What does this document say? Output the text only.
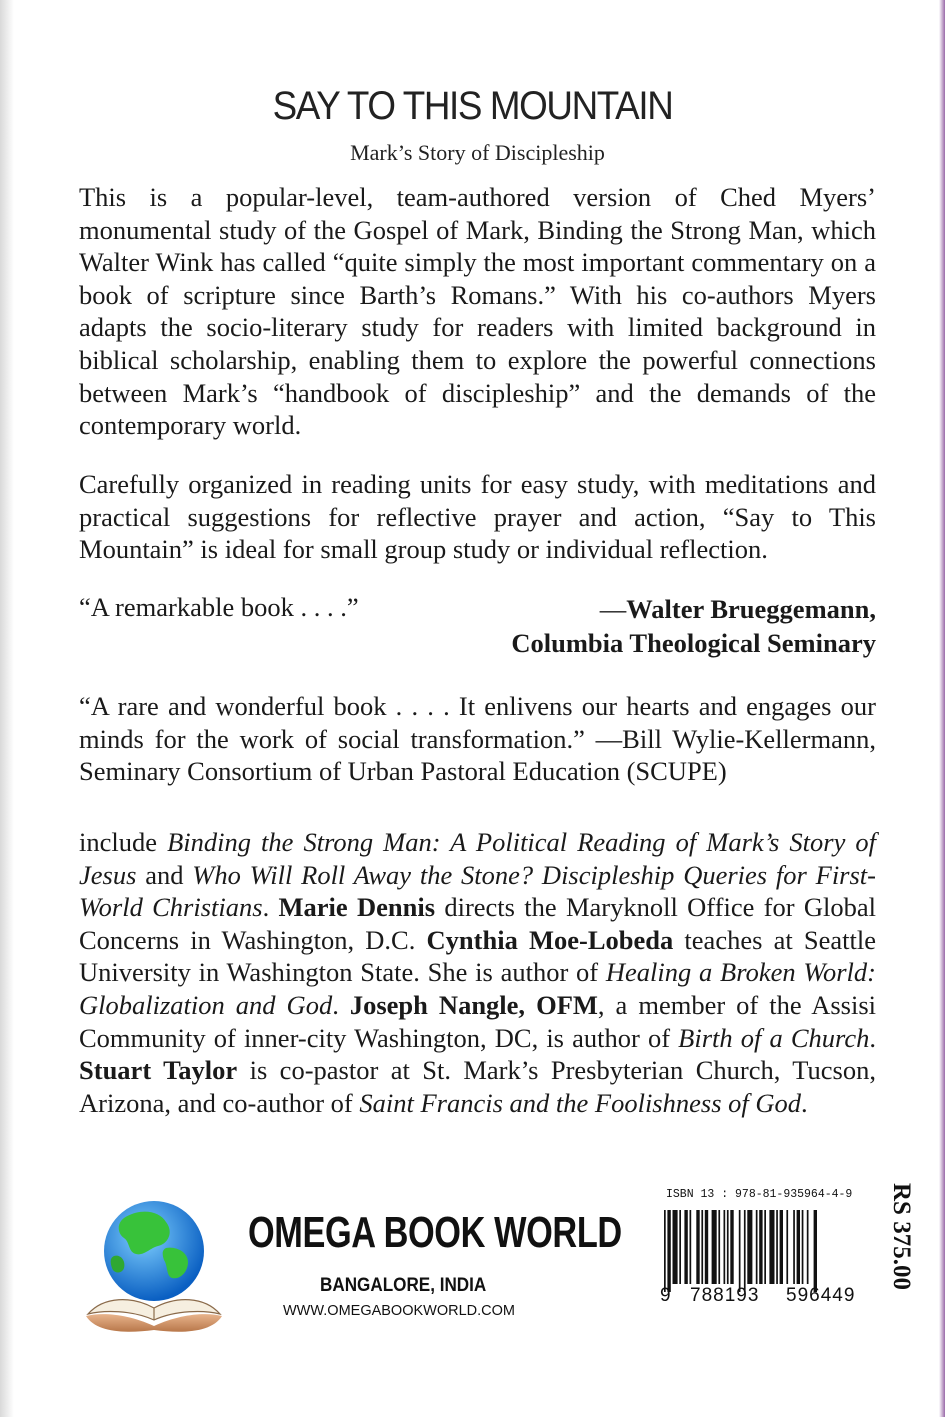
SAY TO THIS MOUNTAIN
Mark’s Story of Discipleship
This is a popular-level, team-authored version of Ched Myers’ monumental study of the Gospel of Mark, Binding the Strong Man, which Walter Wink has called “quite simply the most important commentary on a book of scripture since Barth’s Romans.” With his co-authors Myers adapts the socio-literary study for readers with limited background in biblical scholarship, enabling them to explore the powerful connections between Mark’s “handbook of discipleship” and the demands of the contemporary world.
Carefully organized in reading units for easy study, with meditations and practical suggestions for reflective prayer and action, “Say to This Mountain” is ideal for small group study or individual reflection.
“A remarkable book . . . .”	—Walter Brueggemann,
Columbia Theological Seminary
“A rare and wonderful book . . . . It enlivens our hearts and engages our minds for the work of social transformation.” —Bill Wylie-Kellermann, Seminary Consortium of Urban Pastoral Education (SCUPE)
include Binding the Strong Man: A Political Reading of Mark’s Story of Jesus and Who Will Roll Away the Stone? Discipleship Queries for First-World Christians. Marie Dennis directs the Maryknoll Office for Global Concerns in Washington, D.C. Cynthia Moe-Lobeda teaches at Seattle University in Washington State. She is author of Healing a Broken World: Globalization and God. Joseph Nangle, OFM, a member of the Assisi Community of inner-city Washington, DC, is author of Birth of a Church. Stuart Taylor is co-pastor at St. Mark’s Presbyterian Church, Tucson, Arizona, and co-author of Saint Francis and the Foolishness of God.
OMEGA BOOK WORLD
BANGALORE, INDIA
WWW.OMEGABOOKWORLD.COM
ISBN 13 : 978-81-935964-4-9
9 788193 596449
RS 375.00
